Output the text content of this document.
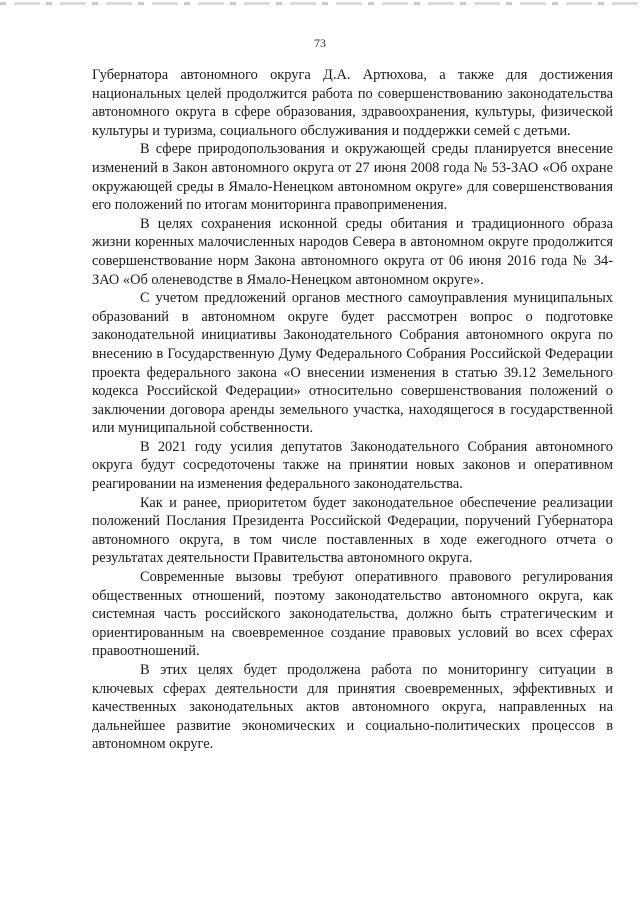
73

Губернатора автономного округа Д.А. Артюхова, а также для достижения национальных целей продолжится работа по совершенствованию законодательства автономного округа в сфере образования, здравоохранения, культуры, физической культуры и туризма, социального обслуживания и поддержки семей с детьми.

В сфере природопользования и окружающей среды планируется внесение изменений в Закон автономного округа от 27 июня 2008 года № 53-ЗАО «Об охране окружающей среды в Ямало-Ненецком автономном округе» для совершенствования его положений по итогам мониторинга правоприменения.

В целях сохранения исконной среды обитания и традиционного образа жизни коренных малочисленных народов Севера в автономном округе продолжится совершенствование норм Закона автономного округа от 06 июня 2016 года № 34-ЗАО «Об оленеводстве в Ямало-Ненецком автономном округе».

С учетом предложений органов местного самоуправления муниципальных образований в автономном округе будет рассмотрен вопрос о подготовке законодательной инициативы Законодательного Собрания автономного округа по внесению в Государственную Думу Федерального Собрания Российской Федерации проекта федерального закона «О внесении изменения в статью 39.12 Земельного кодекса Российской Федерации» относительно совершенствования положений о заключении договора аренды земельного участка, находящегося в государственной или муниципальной собственности.

В 2021 году усилия депутатов Законодательного Собрания автономного округа будут сосредоточены также на принятии новых законов и оперативном реагировании на изменения федерального законодательства.

Как и ранее, приоритетом будет законодательное обеспечение реализации положений Послания Президента Российской Федерации, поручений Губернатора автономного округа, в том числе поставленных в ходе ежегодного отчета о результатах деятельности Правительства автономного округа.

Современные вызовы требуют оперативного правового регулирования общественных отношений, поэтому законодательство автономного округа, как системная часть российского законодательства, должно быть стратегическим и ориентированным на своевременное создание правовых условий во всех сферах правоотношений.

В этих целях будет продолжена работа по мониторингу ситуации в ключевых сферах деятельности для принятия своевременных, эффективных и качественных законодательных актов автономного округа, направленных на дальнейшее развитие экономических и социально-политических процессов в автономном округе.
